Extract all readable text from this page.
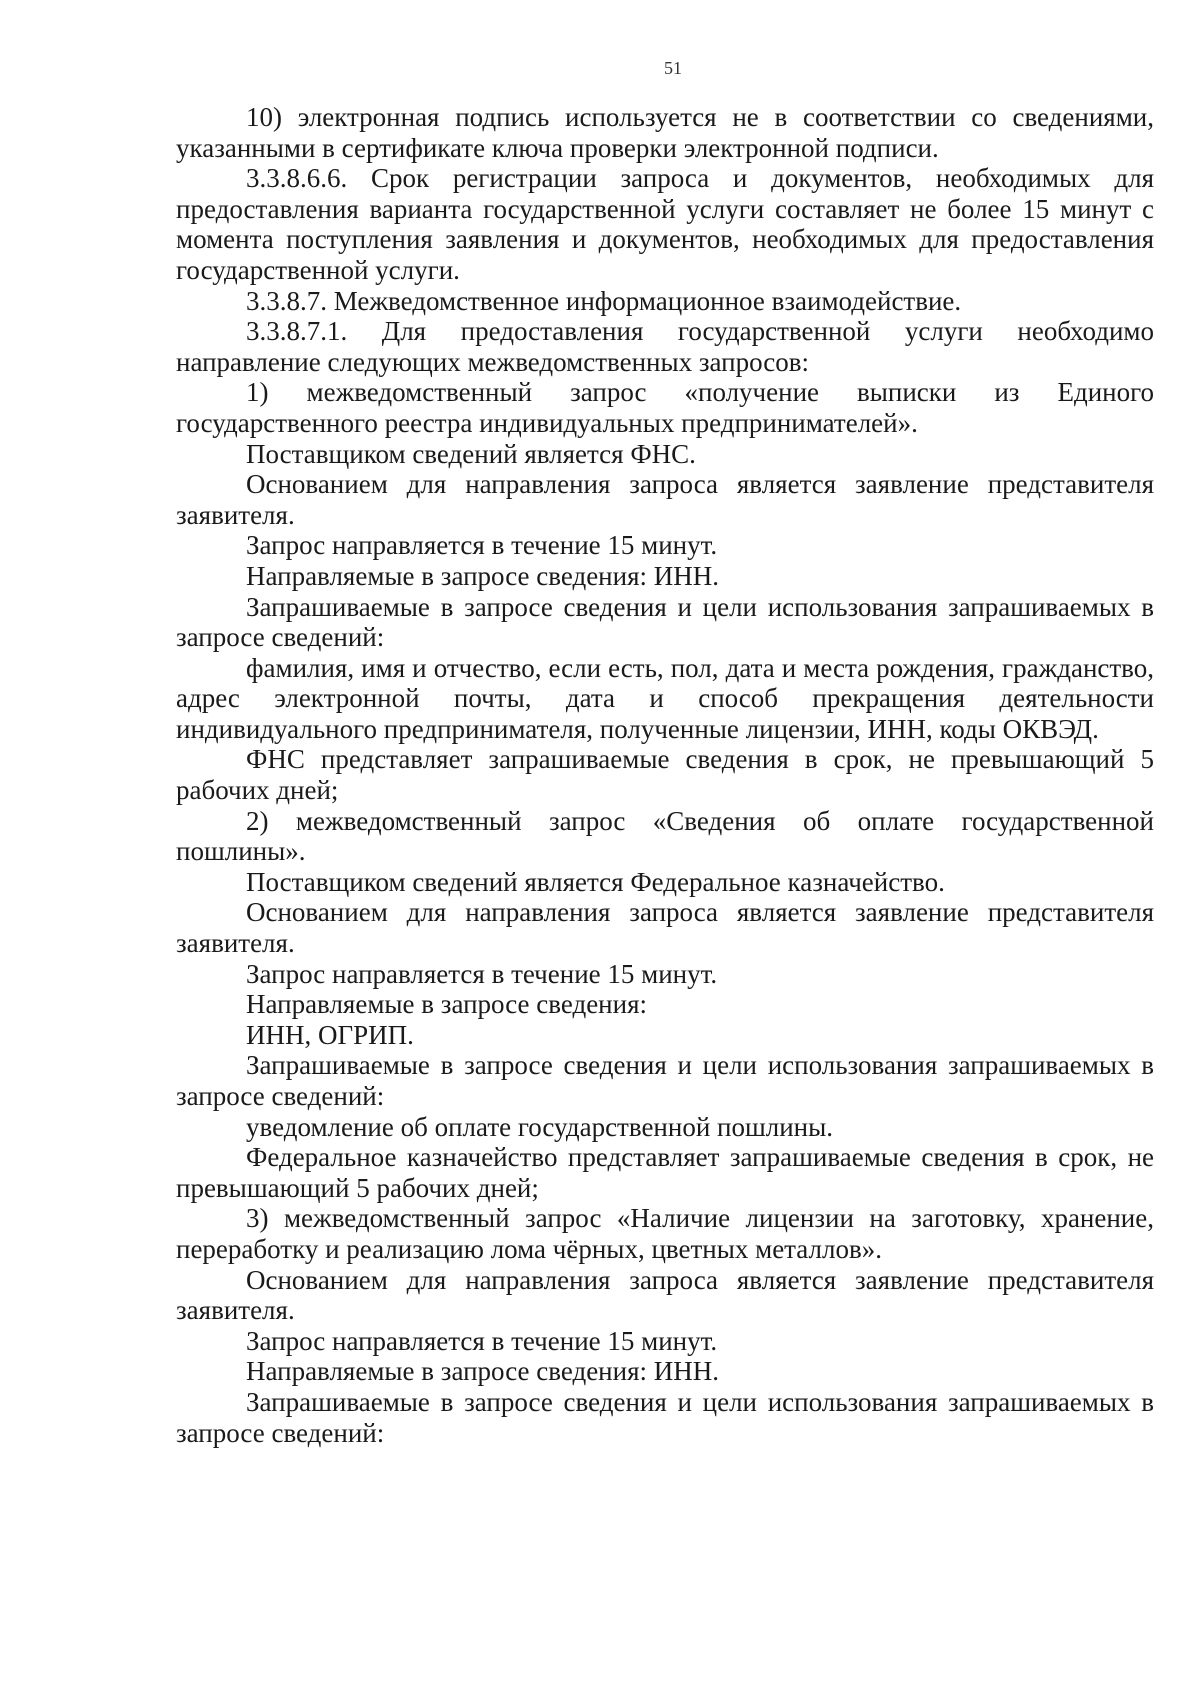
51

10) электронная подпись используется не в соответствии со сведениями, указанными в сертификате ключа проверки электронной подписи.

3.3.8.6.6. Срок регистрации запроса и документов, необходимых для предоставления варианта государственной услуги составляет не более 15 минут с момента поступления заявления и документов, необходимых для предоставления государственной услуги.

3.3.8.7. Межведомственное информационное взаимодействие.

3.3.8.7.1. Для предоставления государственной услуги необходимо направление следующих межведомственных запросов:

1) межведомственный запрос «получение выписки из Единого государственного реестра индивидуальных предпринимателей».

Поставщиком сведений является ФНС.

Основанием для направления запроса является заявление представителя заявителя.

Запрос направляется в течение 15 минут.

Направляемые в запросе сведения: ИНН.

Запрашиваемые в запросе сведения и цели использования запрашиваемых в запросе сведений:

фамилия, имя и отчество, если есть, пол, дата и места рождения, гражданство, адрес электронной почты, дата и способ прекращения деятельности индивидуального предпринимателя, полученные лицензии, ИНН, коды ОКВЭД.

ФНС представляет запрашиваемые сведения в срок, не превышающий 5 рабочих дней;

2) межведомственный запрос «Сведения об оплате государственной пошлины».

Поставщиком сведений является Федеральное казначейство.

Основанием для направления запроса является заявление представителя заявителя.

Запрос направляется в течение 15 минут.

Направляемые в запросе сведения:

ИНН, ОГРИП.

Запрашиваемые в запросе сведения и цели использования запрашиваемых в запросе сведений:

уведомление об оплате государственной пошлины.

Федеральное казначейство представляет запрашиваемые сведения в срок, не превышающий 5 рабочих дней;

3) межведомственный запрос «Наличие лицензии на заготовку, хранение, переработку и реализацию лома чёрных, цветных металлов».

Основанием для направления запроса является заявление представителя заявителя.

Запрос направляется в течение 15 минут.

Направляемые в запросе сведения: ИНН.

Запрашиваемые в запросе сведения и цели использования запрашиваемых в запросе сведений:
